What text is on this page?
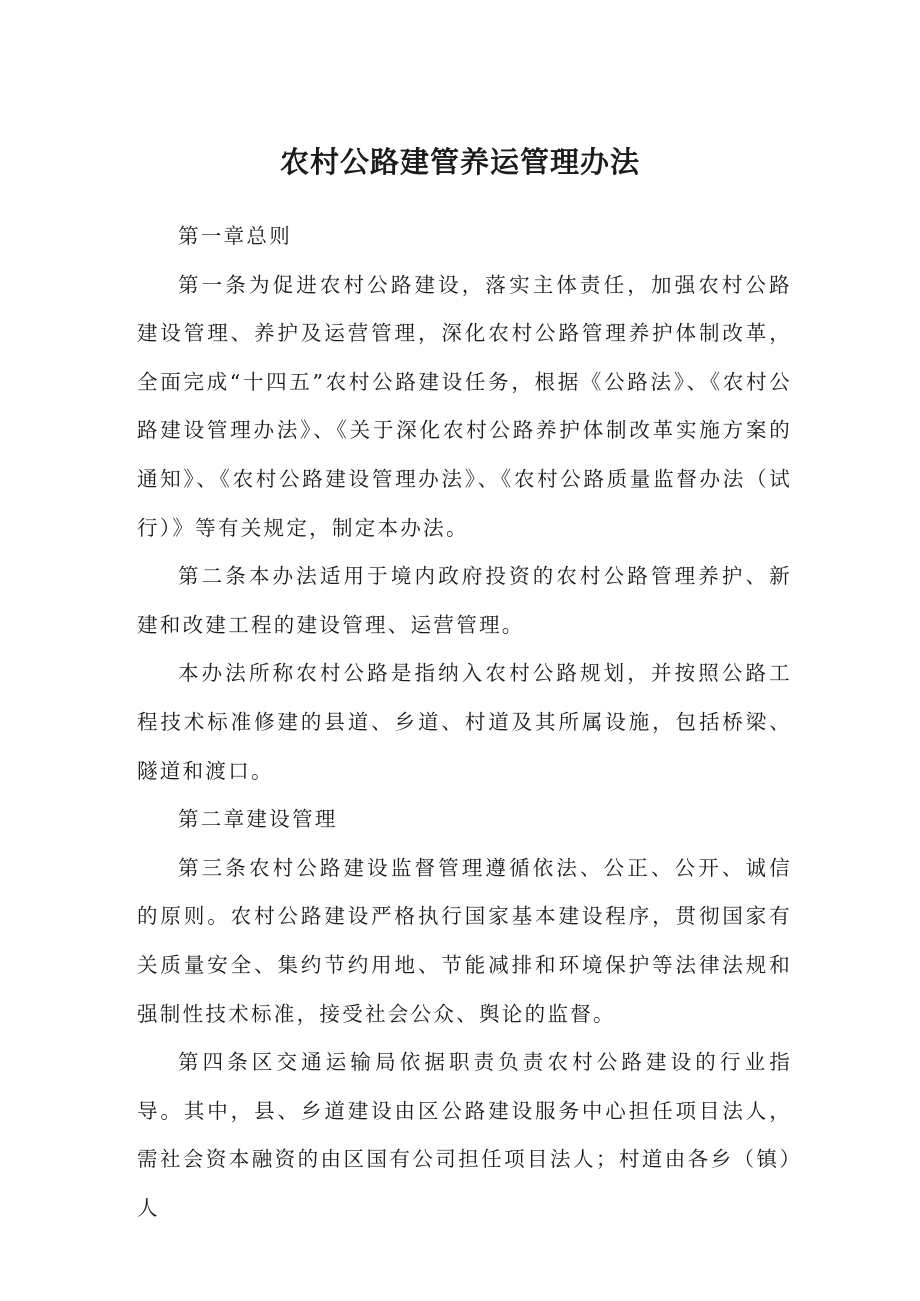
农村公路建管养运管理办法

第一章总则

第一条为促进农村公路建设，落实主体责任，加强农村公路建设管理、养护及运营管理，深化农村公路管理养护体制改革，全面完成“十四五”农村公路建设任务，根据《公路法》、《农村公路建设管理办法》、《关于深化农村公路养护体制改革实施方案的通知》、《农村公路建设管理办法》、《农村公路质量监督办法（试行）》等有关规定，制定本办法。

第二条本办法适用于境内政府投资的农村公路管理养护、新建和改建工程的建设管理、运营管理。

本办法所称农村公路是指纳入农村公路规划，并按照公路工程技术标准修建的县道、乡道、村道及其所属设施，包括桥梁、隧道和渡口。

第二章建设管理

第三条农村公路建设监督管理遵循依法、公正、公开、诚信的原则。农村公路建设严格执行国家基本建设程序，贯彻国家有关质量安全、集约节约用地、节能减排和环境保护等法律法规和强制性技术标准，接受社会公众、舆论的监督。

第四条区交通运输局依据职责负责农村公路建设的行业指导。其中，县、乡道建设由区公路建设服务中心担任项目法人，需社会资本融资的由区国有公司担任项目法人；村道由各乡（镇）人
